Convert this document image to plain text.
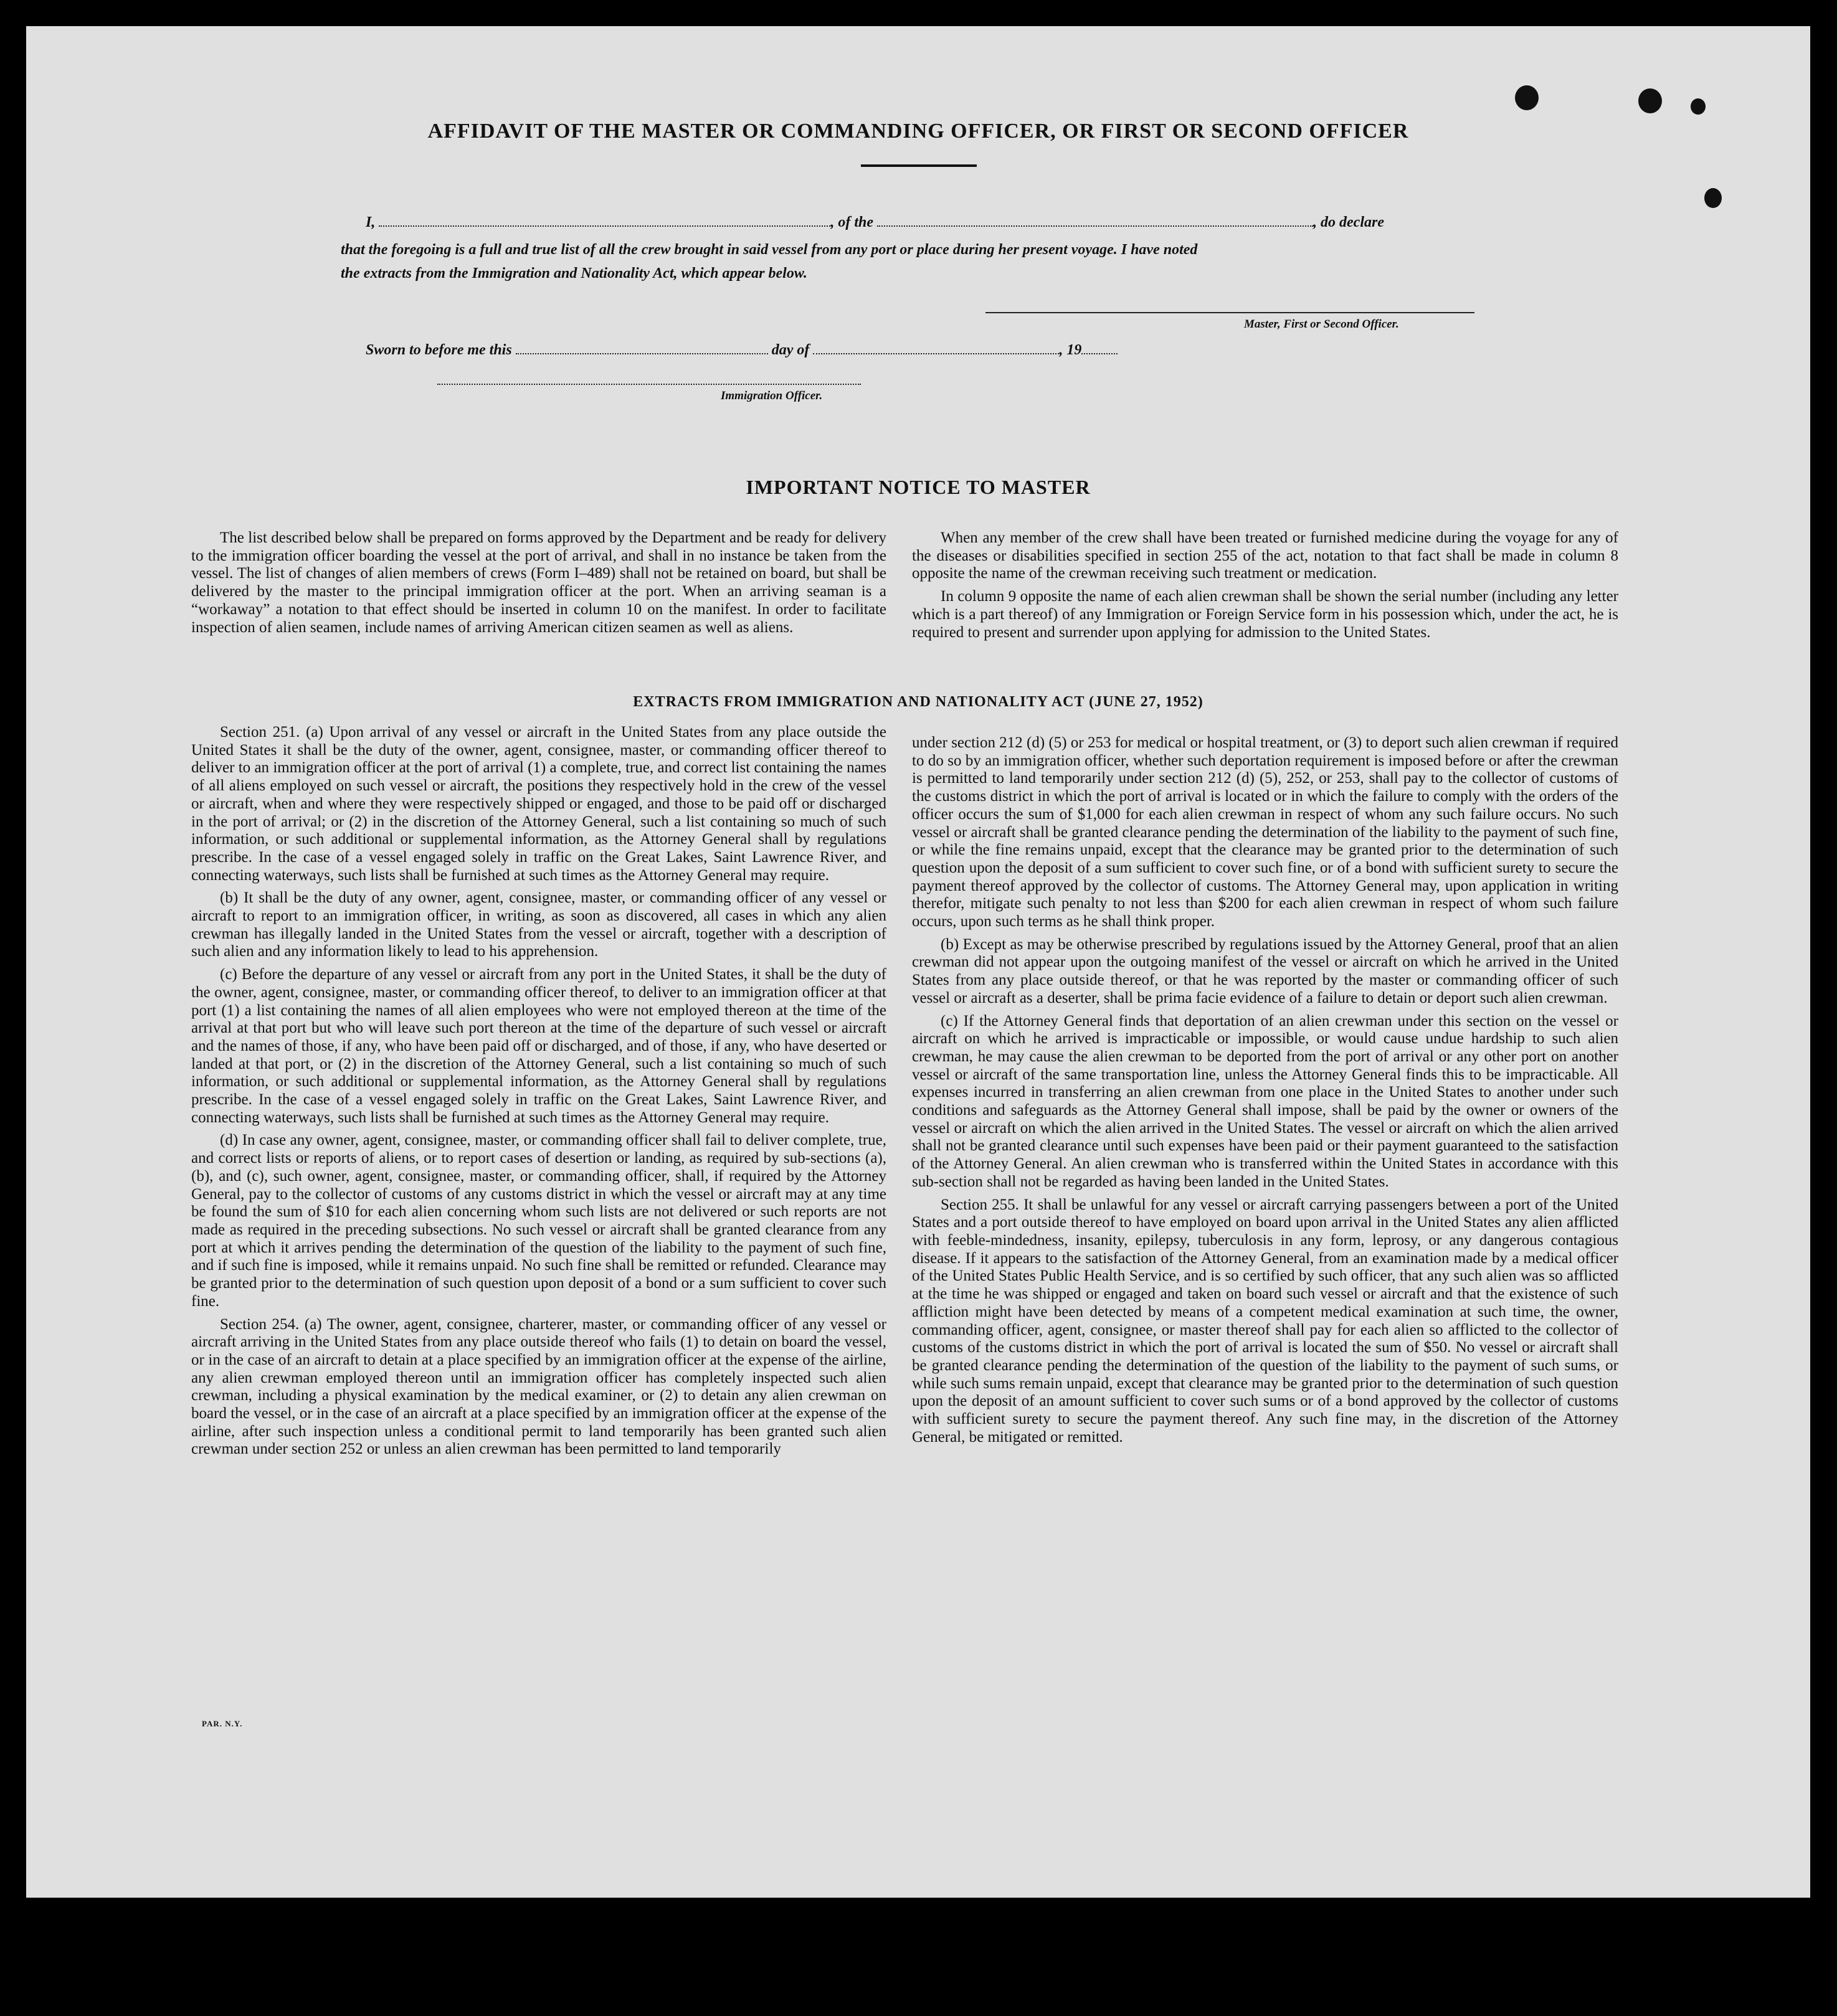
AFFIDAVIT OF THE MASTER OR COMMANDING OFFICER, OR FIRST OR SECOND OFFICER
I,	, of the	, do declare
that the foregoing is a full and true list of all the crew brought in said vessel from any port or place during her present voyage. I have noted
the extracts from the Immigration and Nationality Act, which appear below.
Master, First or Second Officer.
Sworn to before me this	day of	, 19
Immigration Officer.
IMPORTANT NOTICE TO MASTER

The list described below shall be prepared on forms approved by the Department and be ready for delivery to the immigration officer boarding the vessel at the port of arrival, and shall in no instance be taken from the vessel. The list of changes of alien members of crews (Form I–489) shall not be retained on board, but shall be delivered by the master to the principal immigration officer at the port. When an arriving seaman is a “workaway” a notation to that effect should be inserted in column 10 on the manifest. In order to facilitate inspection of alien seamen, include names of arriving American citizen seamen as well as aliens.

When any member of the crew shall have been treated or furnished medicine during the voyage for any of the diseases or disabilities specified in section 255 of the act, notation to that fact shall be made in column 8 opposite the name of the crewman receiving such treatment or medication.

In column 9 opposite the name of each alien crewman shall be shown the serial number (including any letter which is a part thereof) of any Immigration or Foreign Service form in his possession which, under the act, he is required to present and surrender upon applying for admission to the United States.

EXTRACTS FROM IMMIGRATION AND NATIONALITY ACT (JUNE 27, 1952)

Section 251. (a) Upon arrival of any vessel or aircraft in the United States from any place outside the United States it shall be the duty of the owner, agent, consignee, master, or commanding officer thereof to deliver to an immigration officer at the port of arrival (1) a complete, true, and correct list containing the names of all aliens employed on such vessel or aircraft, the positions they respectively hold in the crew of the vessel or aircraft, when and where they were respectively shipped or engaged, and those to be paid off or discharged in the port of arrival; or (2) in the discretion of the Attorney General, such a list containing so much of such information, or such additional or supplemental information, as the Attorney General shall by regulations prescribe. In the case of a vessel engaged solely in traffic on the Great Lakes, Saint Lawrence River, and connecting waterways, such lists shall be furnished at such times as the Attorney General may require.

(b) It shall be the duty of any owner, agent, consignee, master, or commanding officer of any vessel or aircraft to report to an immigration officer, in writing, as soon as discovered, all cases in which any alien crewman has illegally landed in the United States from the vessel or aircraft, together with a description of such alien and any information likely to lead to his apprehension.

(c) Before the departure of any vessel or aircraft from any port in the United States, it shall be the duty of the owner, agent, consignee, master, or commanding officer thereof, to deliver to an immigration officer at that port (1) a list containing the names of all alien employees who were not employed thereon at the time of the arrival at that port but who will leave such port thereon at the time of the departure of such vessel or aircraft and the names of those, if any, who have been paid off or discharged, and of those, if any, who have deserted or landed at that port, or (2) in the discretion of the Attorney General, such a list containing so much of such information, or such additional or supplemental information, as the Attorney General shall by regulations prescribe. In the case of a vessel engaged solely in traffic on the Great Lakes, Saint Lawrence River, and connecting waterways, such lists shall be furnished at such times as the Attorney General may require.

(d) In case any owner, agent, consignee, master, or commanding officer shall fail to deliver complete, true, and correct lists or reports of aliens, or to report cases of desertion or landing, as required by sub-sections (a), (b), and (c), such owner, agent, consignee, master, or commanding officer, shall, if required by the Attorney General, pay to the collector of customs of any customs district in which the vessel or aircraft may at any time be found the sum of $10 for each alien concerning whom such lists are not delivered or such reports are not made as required in the preceding subsections. No such vessel or aircraft shall be granted clearance from any port at which it arrives pending the determination of the question of the liability to the payment of such fine, and if such fine is imposed, while it remains unpaid. No such fine shall be remitted or refunded. Clearance may be granted prior to the determination of such question upon deposit of a bond or a sum sufficient to cover such fine.

Section 254. (a) The owner, agent, consignee, charterer, master, or commanding officer of any vessel or aircraft arriving in the United States from any place outside thereof who fails (1) to detain on board the vessel, or in the case of an aircraft to detain at a place specified by an immigration officer at the expense of the airline, any alien crewman employed thereon until an immigration officer has completely inspected such alien crewman, including a physical examination by the medical examiner, or (2) to detain any alien crewman on board the vessel, or in the case of an aircraft at a place specified by an immigration officer at the expense of the airline, after such inspection unless a conditional permit to land temporarily has been granted such alien crewman under section 252 or unless an alien crewman has been permitted to land temporarily

under section 212 (d) (5) or 253 for medical or hospital treatment, or (3) to deport such alien crewman if required to do so by an immigration officer, whether such deportation requirement is imposed before or after the crewman is permitted to land temporarily under section 212 (d) (5), 252, or 253, shall pay to the collector of customs of the customs district in which the port of arrival is located or in which the failure to comply with the orders of the officer occurs the sum of $1,000 for each alien crewman in respect of whom any such failure occurs. No such vessel or aircraft shall be granted clearance pending the determination of the liability to the payment of such fine, or while the fine remains unpaid, except that the clearance may be granted prior to the determination of such question upon the deposit of a sum sufficient to cover such fine, or of a bond with sufficient surety to secure the payment thereof approved by the collector of customs. The Attorney General may, upon application in writing therefor, mitigate such penalty to not less than $200 for each alien crewman in respect of whom such failure occurs, upon such terms as he shall think proper.

(b) Except as may be otherwise prescribed by regulations issued by the Attorney General, proof that an alien crewman did not appear upon the outgoing manifest of the vessel or aircraft on which he arrived in the United States from any place outside thereof, or that he was reported by the master or commanding officer of such vessel or aircraft as a deserter, shall be prima facie evidence of a failure to detain or deport such alien crewman.

(c) If the Attorney General finds that deportation of an alien crewman under this section on the vessel or aircraft on which he arrived is impracticable or impossible, or would cause undue hardship to such alien crewman, he may cause the alien crewman to be deported from the port of arrival or any other port on another vessel or aircraft of the same transportation line, unless the Attorney General finds this to be impracticable. All expenses incurred in transferring an alien crewman from one place in the United States to another under such conditions and safeguards as the Attorney General shall impose, shall be paid by the owner or owners of the vessel or aircraft on which the alien arrived in the United States. The vessel or aircraft on which the alien arrived shall not be granted clearance until such expenses have been paid or their payment guaranteed to the satisfaction of the Attorney General. An alien crewman who is transferred within the United States in accordance with this sub-section shall not be regarded as having been landed in the United States.

Section 255. It shall be unlawful for any vessel or aircraft carrying passengers between a port of the United States and a port outside thereof to have employed on board upon arrival in the United States any alien afflicted with feeble-mindedness, insanity, epilepsy, tuberculosis in any form, leprosy, or any dangerous contagious disease. If it appears to the satisfaction of the Attorney General, from an examination made by a medical officer of the United States Public Health Service, and is so certified by such officer, that any such alien was so afflicted at the time he was shipped or engaged and taken on board such vessel or aircraft and that the existence of such affliction might have been detected by means of a competent medical examination at such time, the owner, commanding officer, agent, consignee, or master thereof shall pay for each alien so afflicted to the collector of customs of the customs district in which the port of arrival is located the sum of $50. No vessel or aircraft shall be granted clearance pending the determination of the question of the liability to the payment of such sums, or while such sums remain unpaid, except that clearance may be granted prior to the determination of such question upon the deposit of an amount sufficient to cover such sums or of a bond approved by the collector of customs with sufficient surety to secure the payment thereof. Any such fine may, in the discretion of the Attorney General, be mitigated or remitted.

PAR. N.Y.
